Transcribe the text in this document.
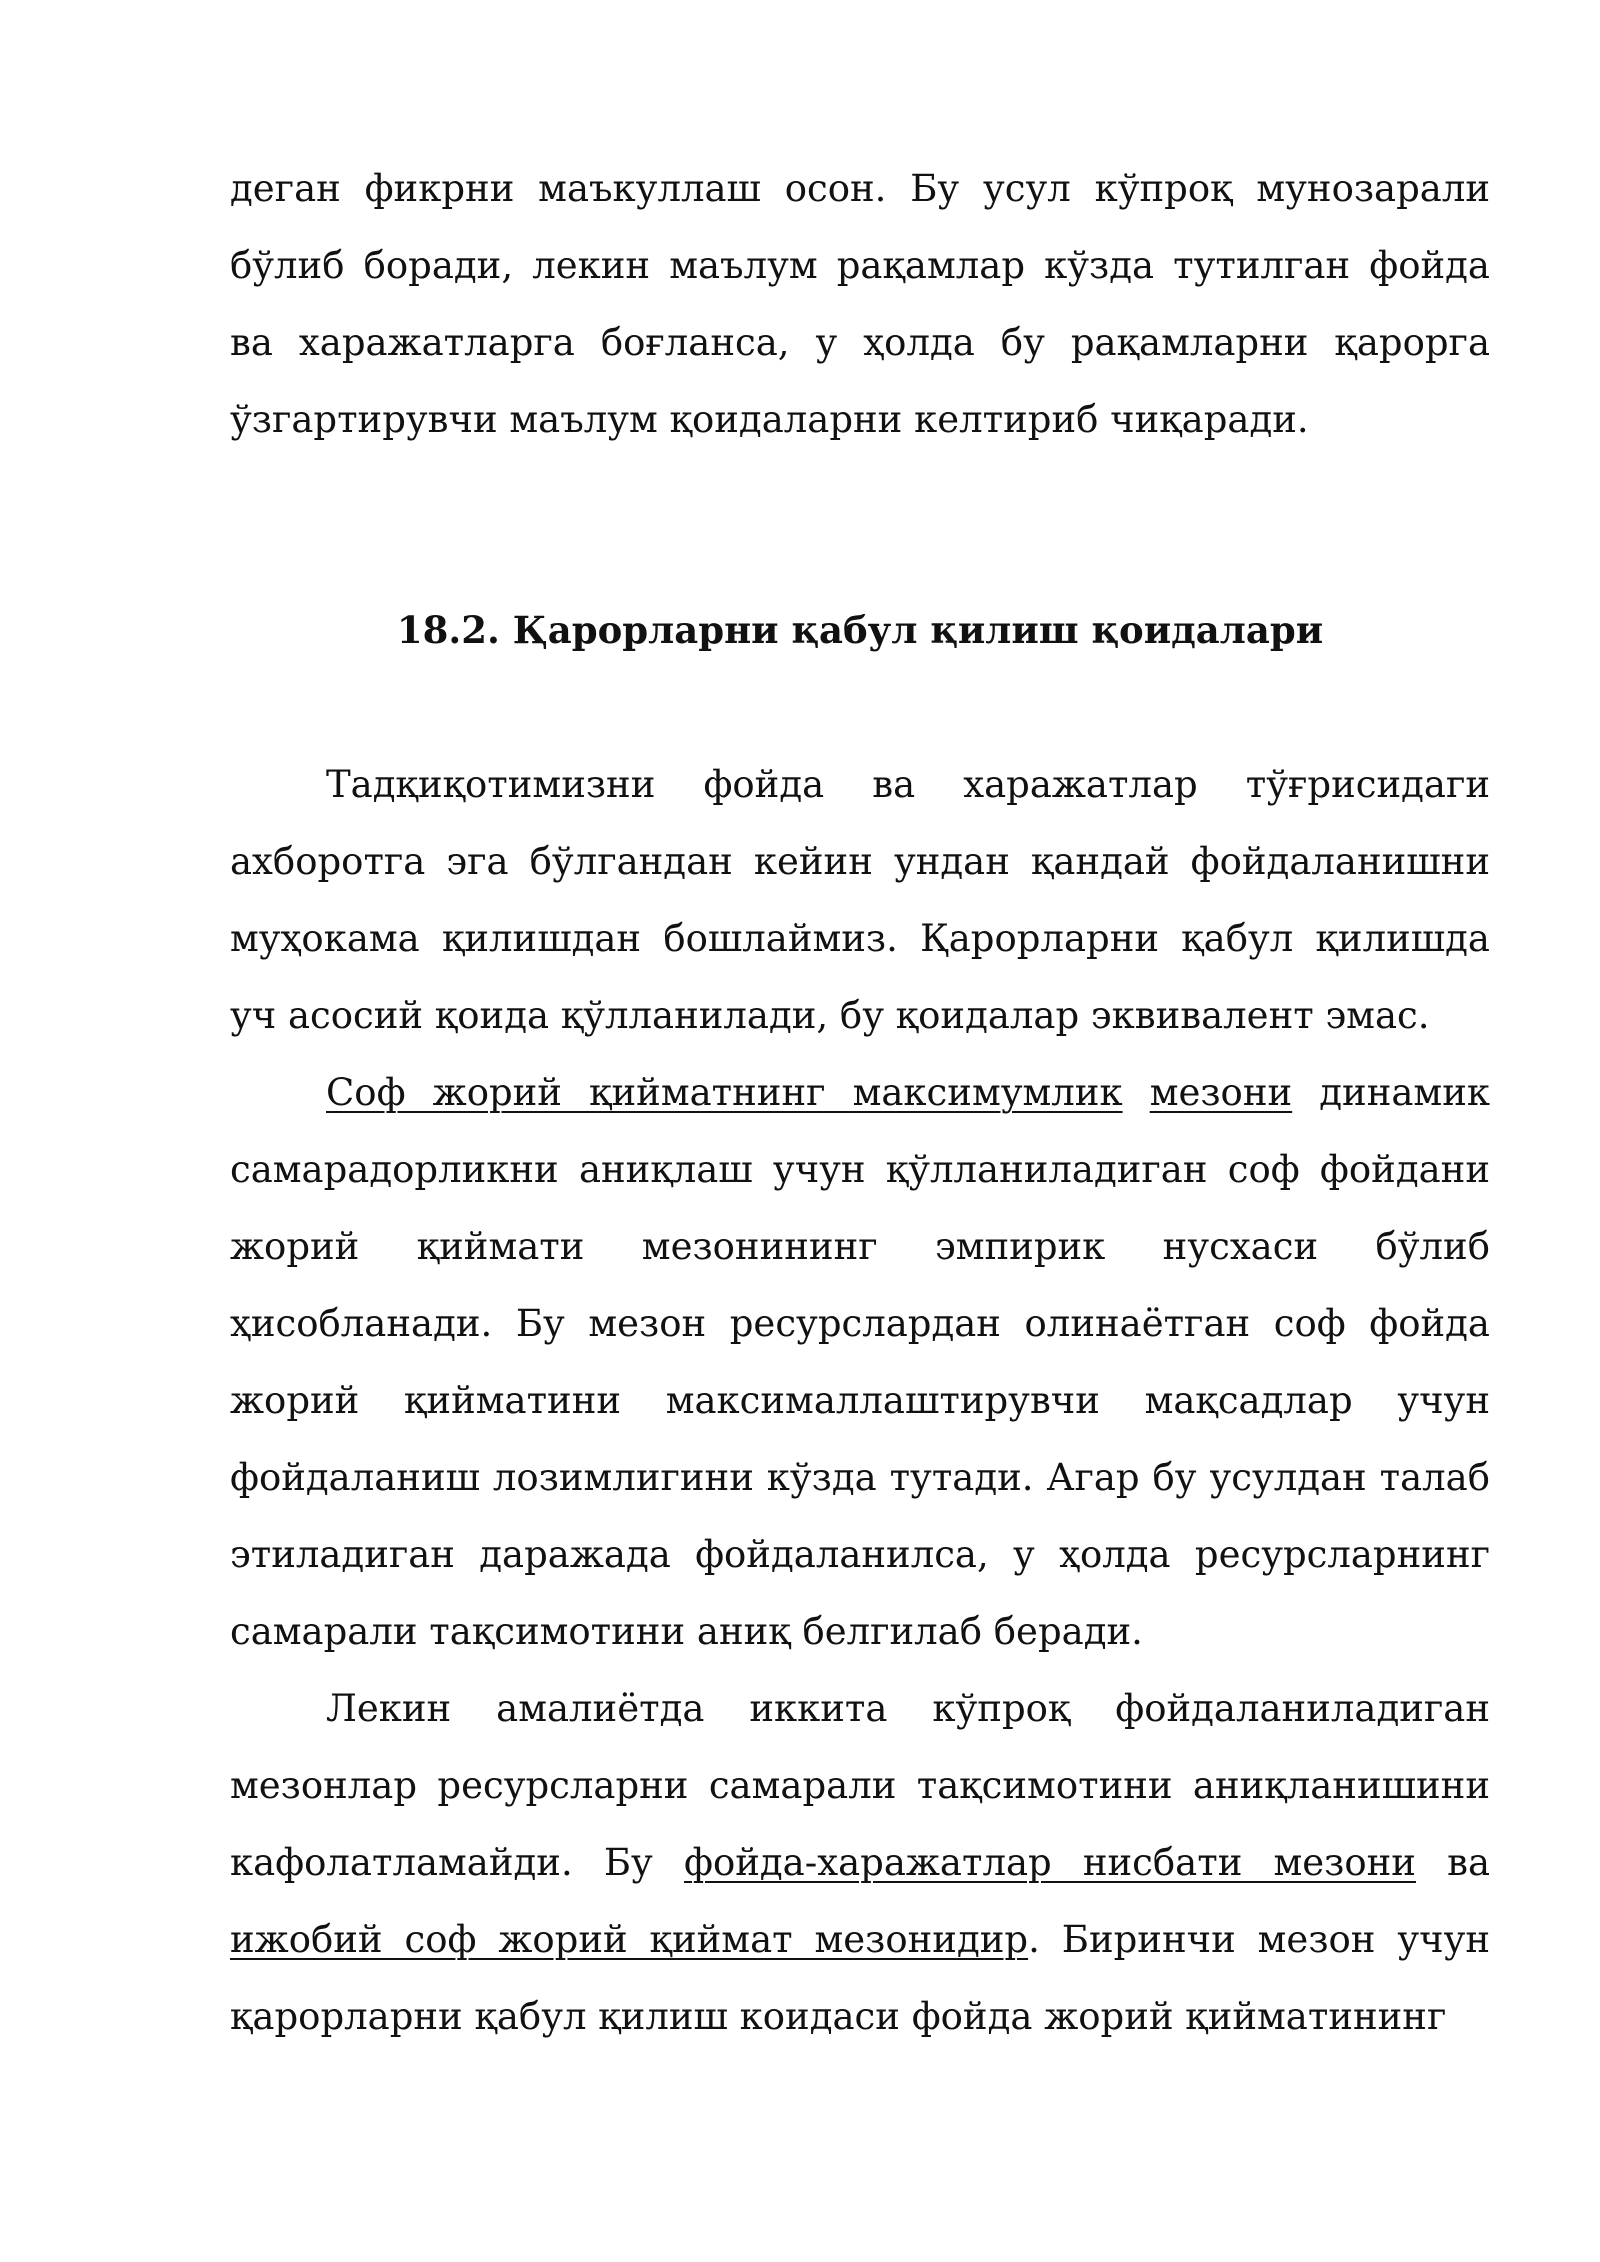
деган фикрни маъкуллаш осон. Бу усул кўпроқ мунозарали бўлиб боради, лекин маълум рақамлар кўзда тутилган фойда ва харажатларга боғланса, у ҳолда бу рақамларни қарорга ўзгартирувчи маълум қоидаларни келтириб чиқаради.

18.2. Қарорларни қабул қилиш қоидалари

Тадқиқотимизни фойда ва харажатлар тўғрисидаги ахборотга эга бўлгандан кейин ундан қандай фойдаланишни муҳокама қилишдан бошлаймиз. Қарорларни қабул қилишда уч асосий қоида қўлланилади, бу қоидалар эквивалент эмас.

Соф жорий қийматнинг максимумлик мезони динамик самарадорликни аниқлаш учун қўлланиладиган соф фойдани жорий қиймати мезонининг эмпирик нусхаси бўлиб ҳисобланади. Бу мезон ресурслардан олинаётган соф фойда жорий қийматини максималлаштирувчи мақсадлар учун фойдаланиш лозимлигини кўзда тутади. Агар бу усулдан талаб этиладиган даражада фойдаланилса, у ҳолда ресурсларнинг самарали тақсимотини аниқ белгилаб беради.

Лекин амалиётда иккита кўпроқ фойдаланиладиган мезонлар ресурсларни самарали тақсимотини аниқланишини кафолатламайди. Бу фойда-харажатлар нисбати мезони ва ижобий соф жорий қиймат мезонидир. Биринчи мезон учун қарорларни қабул қилиш коидаси фойда жорий қийматининг
